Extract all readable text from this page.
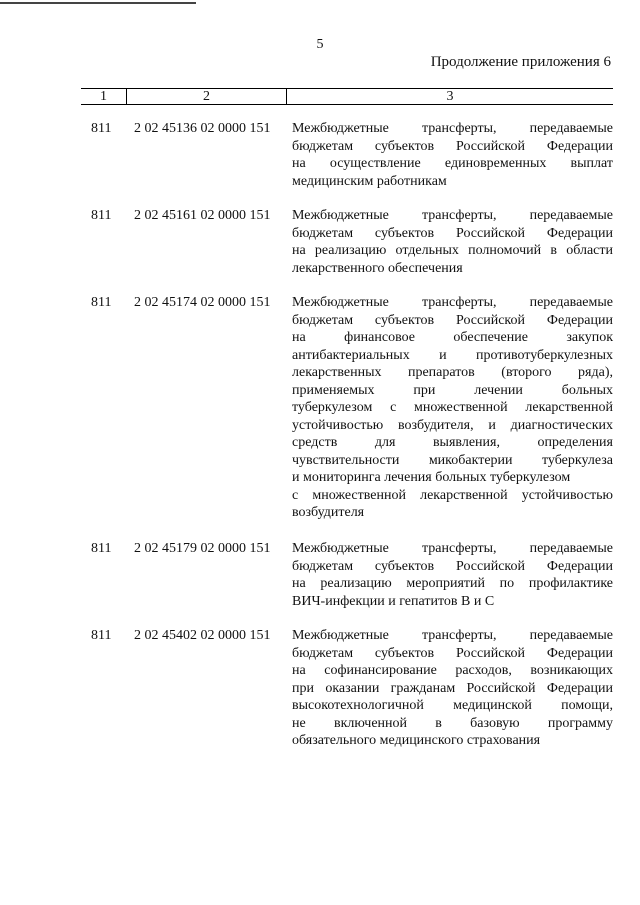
5
Продолжение приложения 6
1	2	3
811 2 02 45136 02 0000 151 Межбюджетные трансферты, передаваемые
бюджетам субъектов Российской Федерации
на осуществление единовременных выплат
медицинским работникам
811 2 02 45161 02 0000 151 Межбюджетные трансферты, передаваемые
бюджетам субъектов Российской Федерации
на реализацию отдельных полномочий в области
лекарственного обеспечения
811 2 02 45174 02 0000 151 Межбюджетные трансферты, передаваемые
бюджетам субъектов Российской Федерации
на финансовое обеспечение закупок
антибактериальных и противотуберкулезных
лекарственных препаратов (второго ряда),
применяемых при лечении больных
туберкулезом с множественной лекарственной
устойчивостью возбудителя, и диагностических
средств для выявления, определения
чувствительности микобактерии туберкулеза
и мониторинга лечения больных туберкулезом
с множественной лекарственной устойчивостью
возбудителя
811 2 02 45179 02 0000 151 Межбюджетные трансферты, передаваемые
бюджетам субъектов Российской Федерации
на реализацию мероприятий по профилактике
ВИЧ-инфекции и гепатитов В и С
811 2 02 45402 02 0000 151 Межбюджетные трансферты, передаваемые
бюджетам субъектов Российской Федерации
на софинансирование расходов, возникающих
при оказании гражданам Российской Федерации
высокотехнологичной медицинской помощи,
не включенной в базовую программу
обязательного медицинского страхования
